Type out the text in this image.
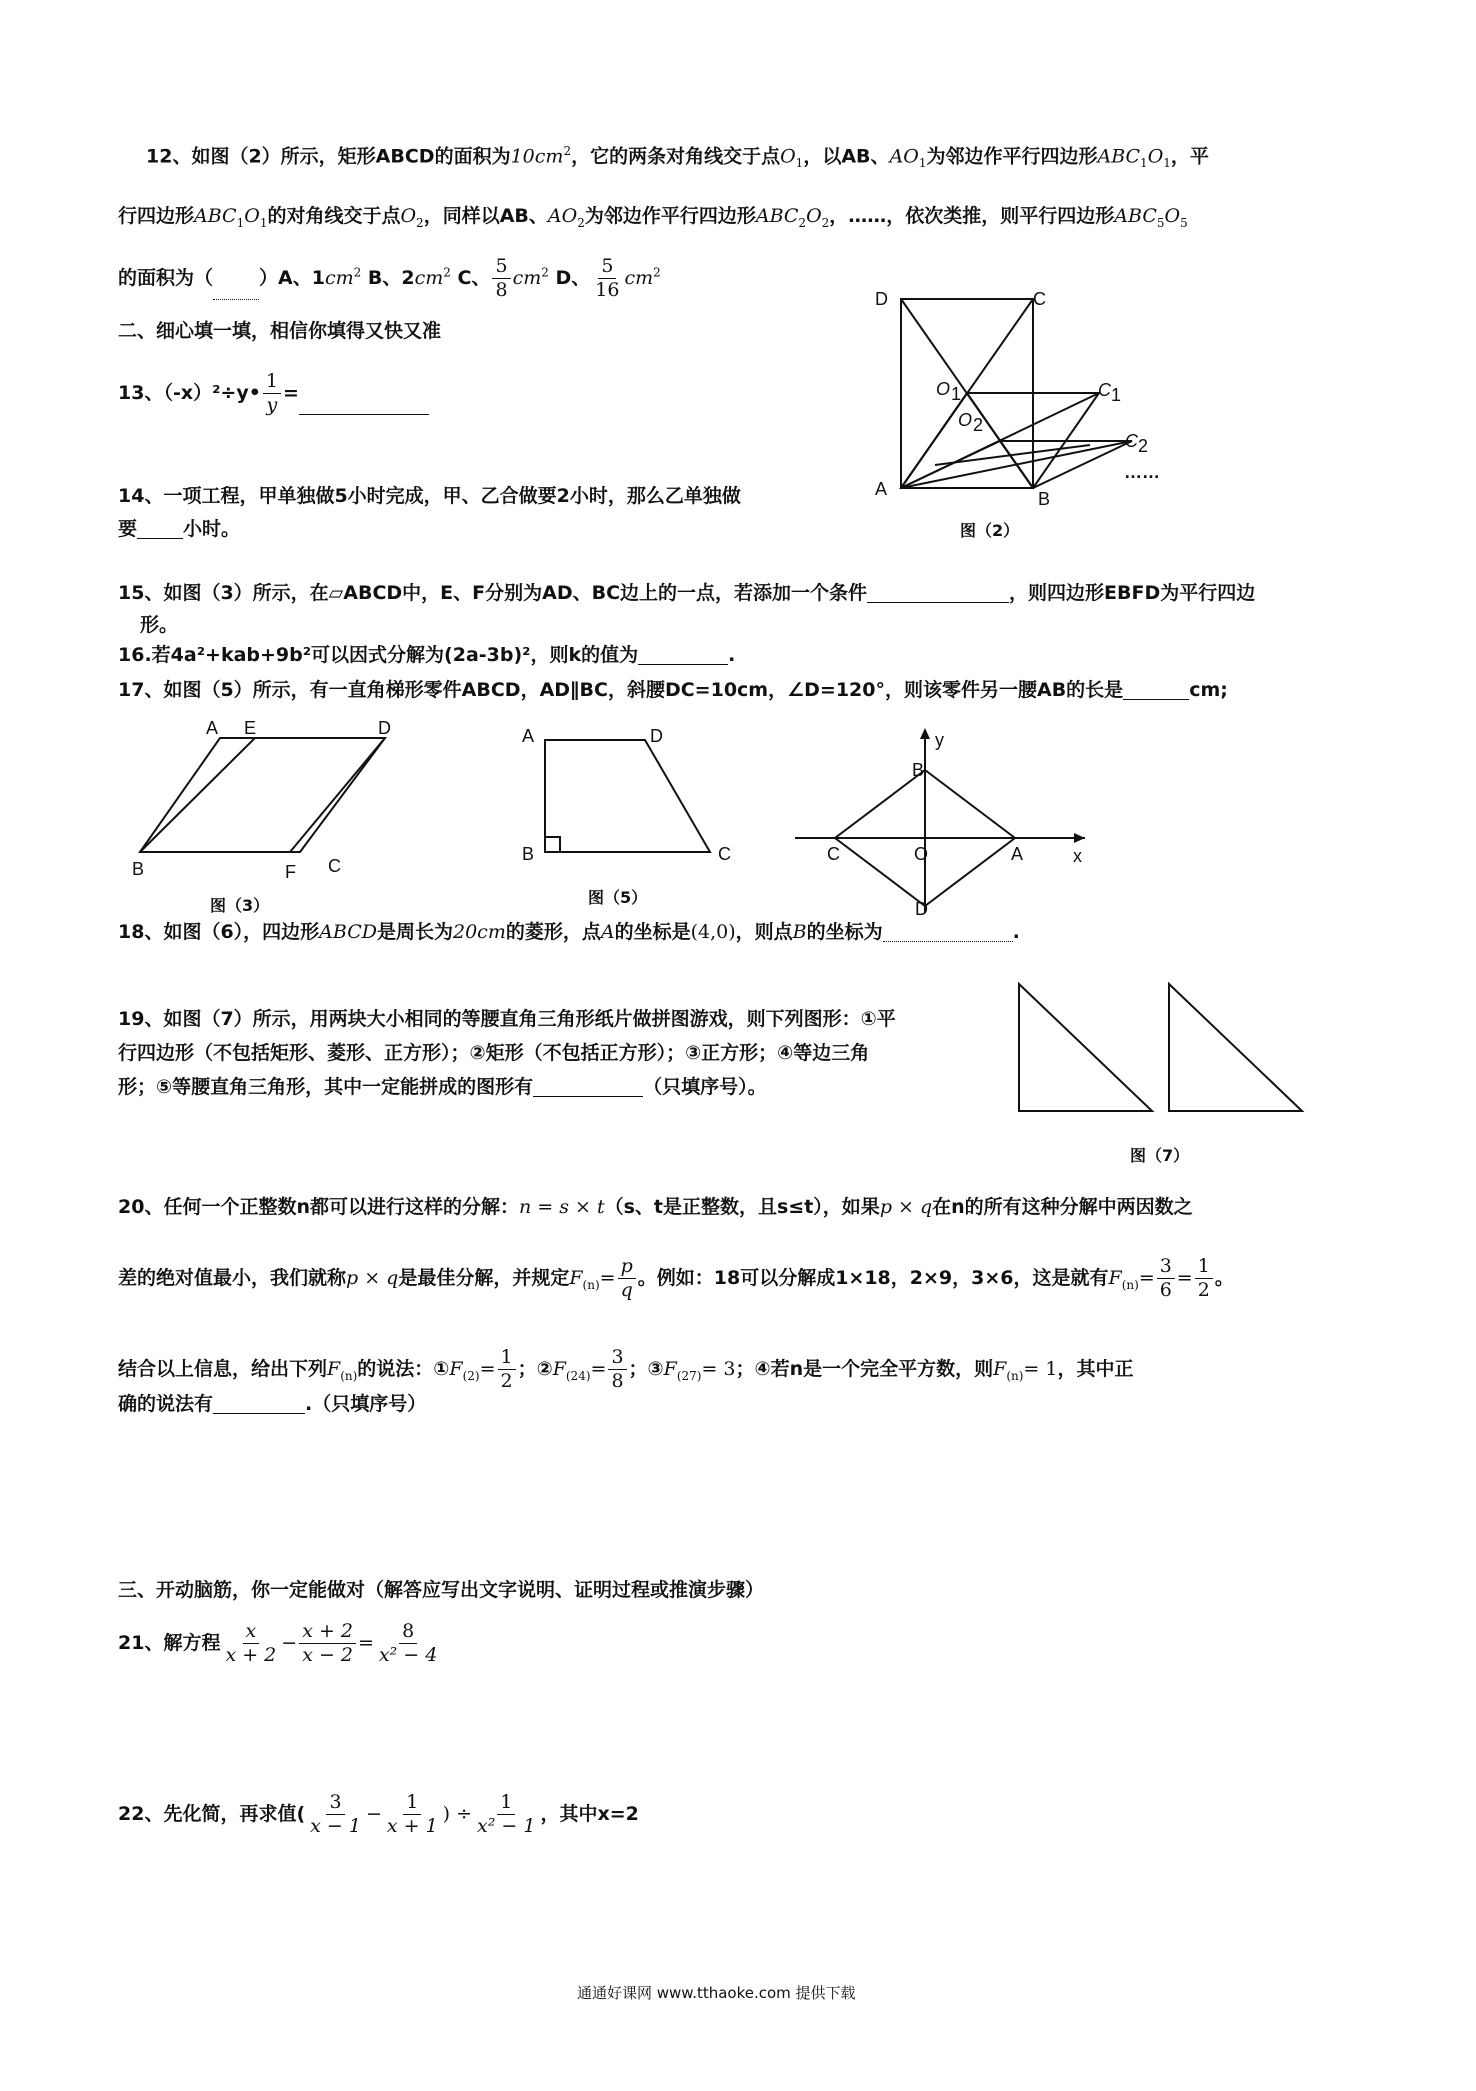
12、如图（2）所示，矩形ABCD的面积为$10cm^2$，它的两条对角线交于点$O_1$，以AB、$AO_1$为邻边作平行四边形$ABC_1O_1$，平
行四边形$ABC_1O_1$的对角线交于点$O_2$，同样以AB、$AO_2$为邻边作平行四边形$ABC_2O_2$，……，依次类推，则平行四边形$ABC_5O_5$
的面积为（ ）A、$1cm^2$ B、$2cm^2$ C、 $\frac{5}{8} cm^2$ D、 $\frac{5}{16} cm^2$
二、细心填一填，相信你填得又快又准
13、（-x）²÷y• $\frac{1}{y}$ =
14、一项工程，甲单独做5小时完成，甲、乙合做要2小时，那么乙单独做
要 小时。
15、如图（3）所示，在▱ABCD中，E、F分别为AD、BC边上的一点，若添加一个条件	，则四边形EBFD为平行四边
形。
16.若4a²+kab+9b²可以因式分解为(2a-3b)²，则k的值为	.
17、如图（5）所示，有一直角梯形零件ABCD，AD∥BC，斜腰DC=10cm，∠D=120°，则该零件另一腰AB的长是	cm;
A E	D
B	F C
图（3）
A	D
B	C
图（5）
y
x
B
C	O	A
D
18、如图（6），四边形ABCD是周长为20cm的菱形，点A的坐标是(4,0)，则点B的坐标为	.
D	C
A	B
O 1
O 2
C 1
C 2
……
图（2）
19、如图（7）所示，用两块大小相同的等腰直角三角形纸片做拼图游戏，则下列图形：①平
行四边形（不包括矩形、菱形、正方形）；②矩形（不包括正方形）；③正方形；④等边三角
形；⑤等腰直角三角形，其中一定能拼成的图形有	（只填序号）。
图（7）
20、任何一个正整数n都可以进行这样的分解：n = s × t（s、t是正整数，且s≤t），如果p × q在n的所有这种分解中两因数之
差的绝对值最小，我们就称p × q是最佳分解，并规定$F_{(n)}= \frac{p}{q}$ 。例如：18可以分解成1×18，2×9，3×6，这是就有$F_{(n)}= \frac{3}{6} = \frac{1}{2}$ 。
结合以上信息，给出下列$F_{(n)}$的说法：$①F_{(2)}= \frac{1}{2}$ ；$②F_{(24)}= \frac{3}{8}$ ；$③F_{(27)}= 3$；④若n是一个完全平方数，则$F_{(n)}= 1$，其中正
确的说法有	.（只填序号）
三、开动脑筋，你一定能做对（解答应写出文字说明、证明过程或推演步骤）
21、解方程 $\frac{x}{x + 2} - \frac{x + 2}{x - 2} = \frac{8}{\text{x² − 4}}$
22、先化简，再求值( $\frac{3}{x - 1} - \frac{1}{x + 1}$ ) ÷ $\frac{1}{\text{x² − 1}}$ ，其中x=2
通通好课网 www.tthaoke.com 提供下载
